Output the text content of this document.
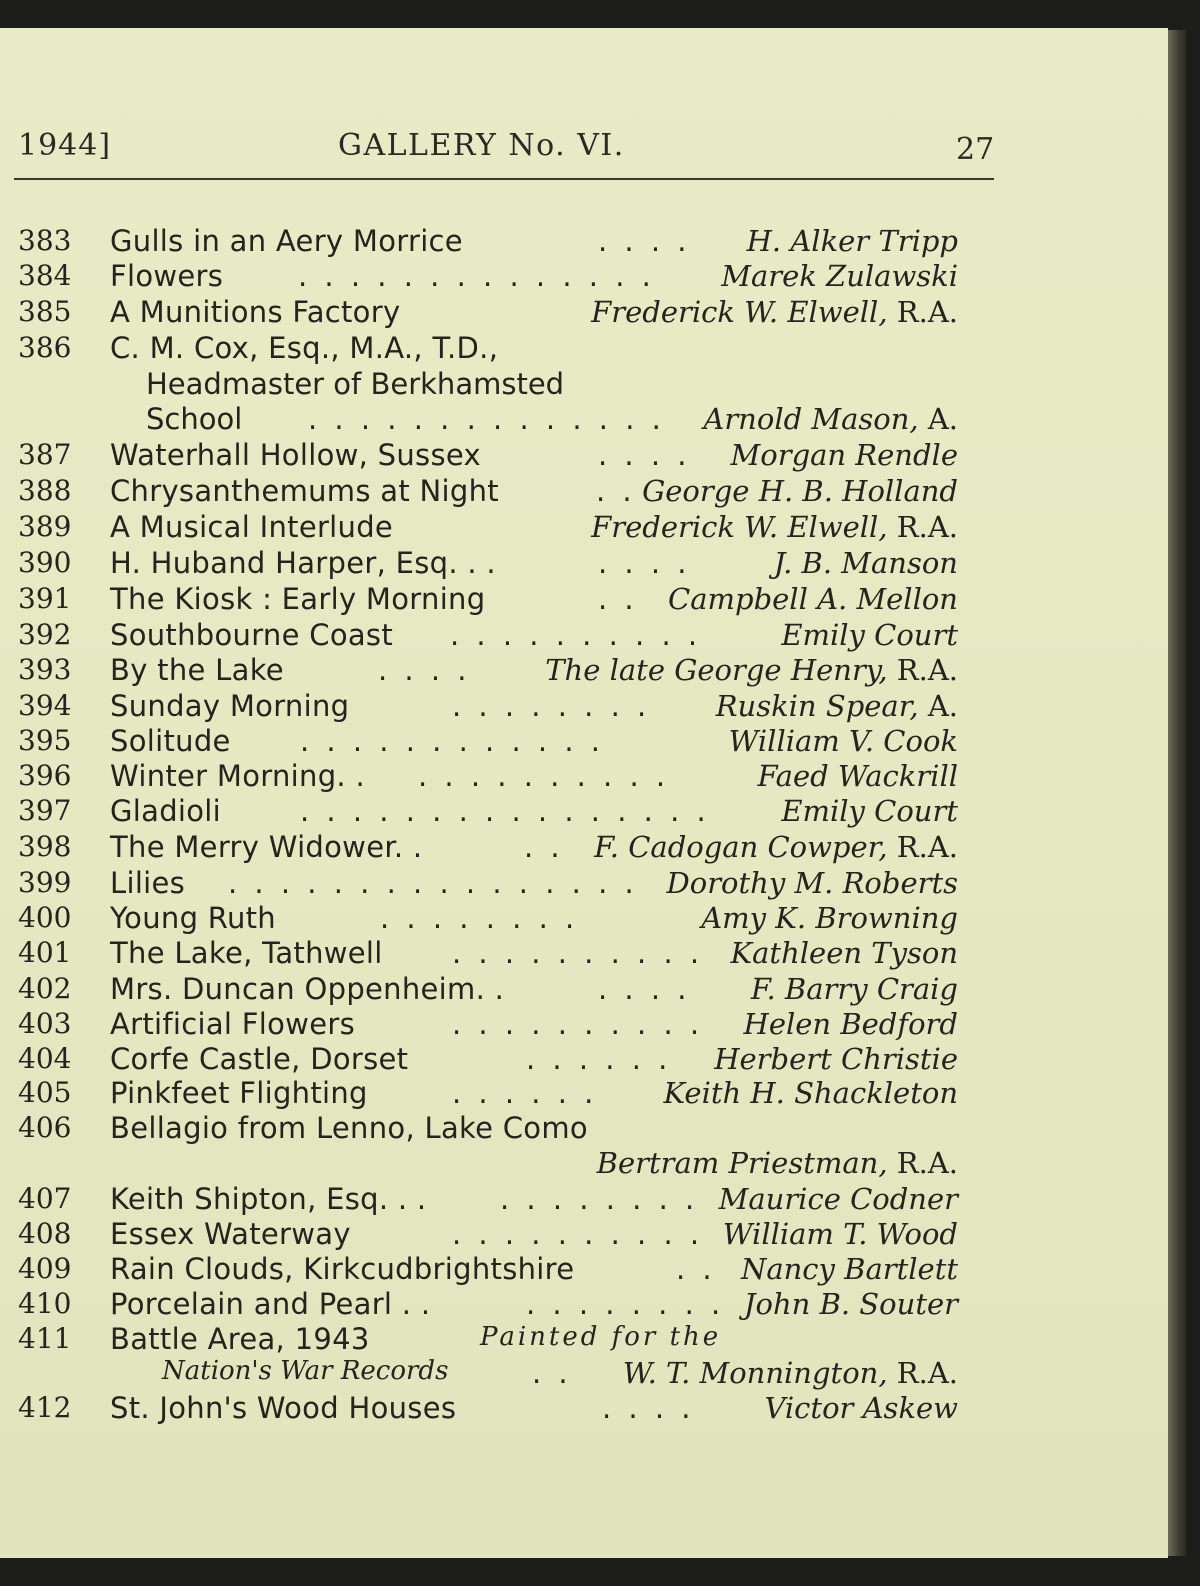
1944]	GALLERY No. VI.	27
383 Gulls in an Aery Morrice	. . . . H. Alker Tripp
384 Flowers	. . . . . . . . . . . . . . Marek Zulawski
385 A Munitions Factory	Frederick W. Elwell, R.A.
386 C. M. Cox, Esq., M.A., T.D.,
Headmaster of Berkhamsted
School . . . . . . . . . . . . . . Arnold Mason, A.
387 Waterhall Hollow, Sussex	. . . . Morgan Rendle
388 Chrysanthemums at Night	. . George H. B. Holland
389 A Musical Interlude	Frederick W. Elwell, R.A.
390 H. Huband Harper, Esq. . .	. . . .	J. B. Manson
391 The Kiosk : Early Morning	. . Campbell A. Mellon
392 Southbourne Coast . . . . . . . . . .	Emily Court
393 By the Lake	. . . .	The late George Henry, R.A.
394 Sunday Morning	. . . . . . . . Ruskin Spear, A.
395 Solitude . . . . . . . . . . . .	William V. Cook
396 Winter Morning. . . . . . . . . . . .	Faed Wackrill
397 Gladioli	. . . . . . . . . . . . . . . . Emily Court
398 The Merry Widower. .	. . F. Cadogan Cowper, R.A.
399 Lilies . . . . . . . . . . . . . . . . Dorothy M. Roberts
400 Young Ruth	. . . . . . . .	Amy K. Browning
401 The Lake, Tathwell . . . . . . . . . . Kathleen Tyson
402 Mrs. Duncan Oppenheim. .	. . . . F. Barry Craig
403 Artificial Flowers	. . . . . . . . . . Helen Bedford
404 Corfe Castle, Dorset	. . . . . . Herbert Christie
405 Pinkfeet Flighting	. . . . . . Keith H. Shackleton
406 Bellagio from Lenno, Lake Como
Bertram Priestman, R.A.
407 Keith Shipton, Esq. . .	. . . . . . . . Maurice Codner
408 Essex Waterway	. . . . . . . . . . William T. Wood
409 Rain Clouds, Kirkcudbrightshire	. . Nancy Bartlett
410 Porcelain and Pearl . .	. . . . . . . . John B. Souter
411 Battle Area, 1943	Painted for the
Nation's War Records	. . W. T. Monnington, R.A.
412 St. John's Wood Houses	. . . . Victor Askew
